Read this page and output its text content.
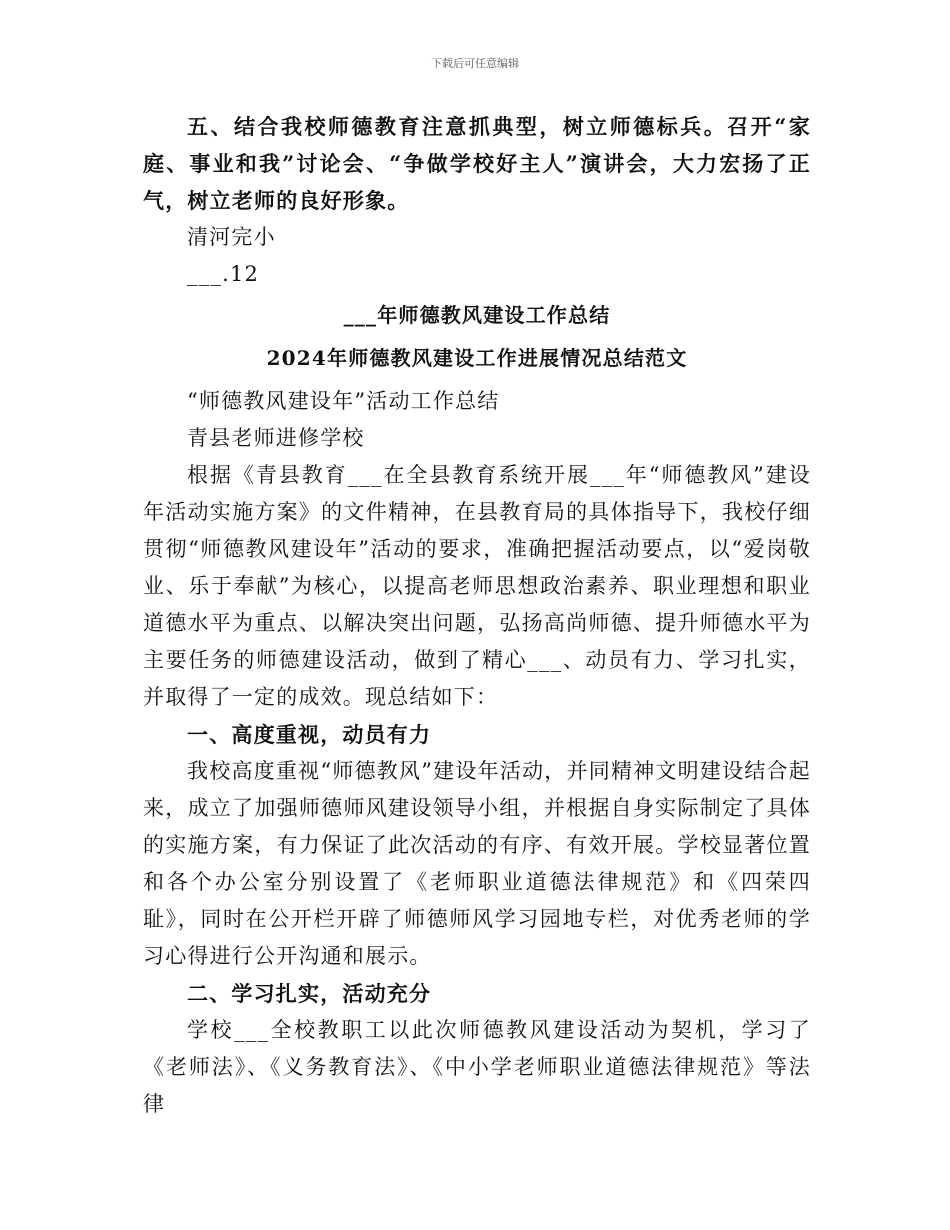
下载后可任意编辑

五、结合我校师德教育注意抓典型，树立师德标兵。召开“家庭、事业和我”讨论会、“争做学校好主人”演讲会，大力宏扬了正气，树立老师的良好形象。

清河完小

___.12

___年师德教风建设工作总结

2024年师德教风建设工作进展情况总结范文

“师德教风建设年”活动工作总结

青县老师进修学校

根据《青县教育___在全县教育系统开展___年“师德教风”建设年活动实施方案》的文件精神，在县教育局的具体指导下，我校仔细贯彻“师德教风建设年”活动的要求，准确把握活动要点，以“爱岗敬业、乐于奉献”为核心，以提高老师思想政治素养、职业理想和职业道德水平为重点、以解决突出问题，弘扬高尚师德、提升师德水平为主要任务的师德建设活动，做到了精心___、动员有力、学习扎实，并取得了一定的成效。现总结如下：

一、高度重视，动员有力

我校高度重视“师德教风”建设年活动，并同精神文明建设结合起来，成立了加强师德师风建设领导小组，并根据自身实际制定了具体的实施方案，有力保证了此次活动的有序、有效开展。学校显著位置和各个办公室分别设置了《老师职业道德法律规范》和《四荣四耻》，同时在公开栏开辟了师德师风学习园地专栏，对优秀老师的学习心得进行公开沟通和展示。

二、学习扎实，活动充分

学校___全校教职工以此次师德教风建设活动为契机，学习了《老师法》、《义务教育法》、《中小学老师职业道德法律规范》等法律
